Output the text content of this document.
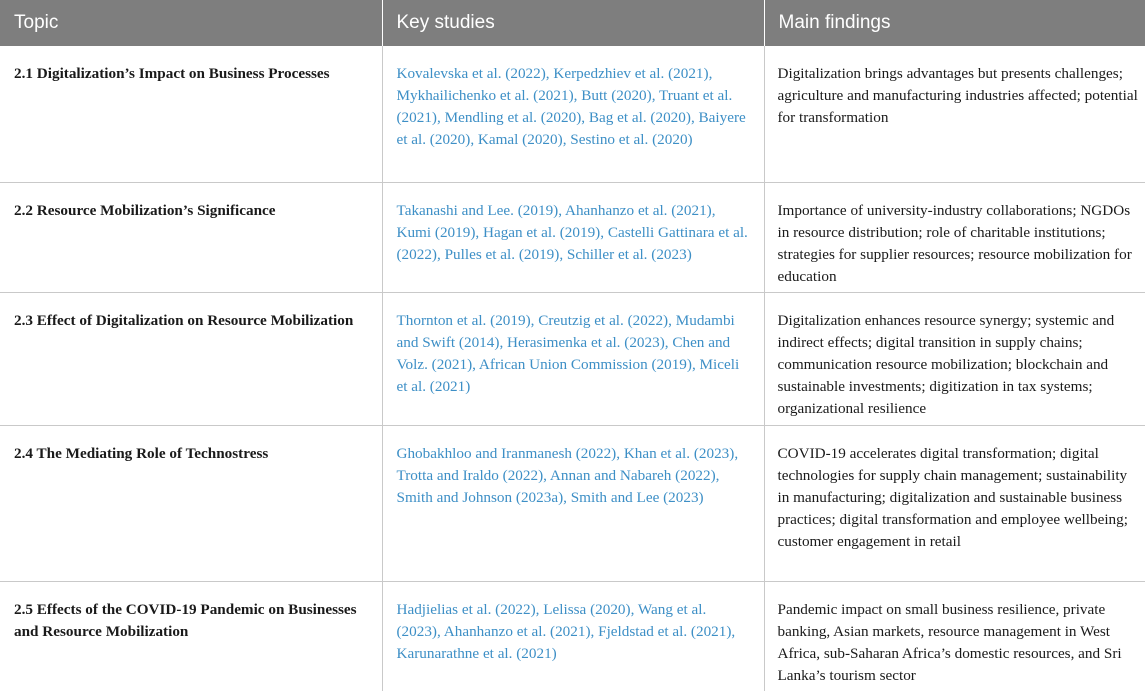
Topic	Key studies	Main findings
2.1 Digitalization’s Impact on Business Processes	Kovalevska et al. (2022), Kerpedzhiev et al. (2021), Mykhailichenko et al. (2021), Butt (2020), Truant et al. (2021), Mendling et al. (2020), Bag et al. (2020), Baiyere et al. (2020), Kamal (2020), Sestino et al. (2020)	Digitalization brings advantages but presents challenges; agriculture and manufacturing industries affected; potential for transformation
2.2 Resource Mobilization’s Significance	Takanashi and Lee. (2019), Ahanhanzo et al. (2021), Kumi (2019), Hagan et al. (2019), Castelli Gattinara et al. (2022), Pulles et al. (2019), Schiller et al. (2023)	Importance of university-industry collaborations; NGDOs in resource distribution; role of charitable institutions; strategies for supplier resources; resource mobilization for education
2.3 Effect of Digitalization on Resource Mobilization	Thornton et al. (2019), Creutzig et al. (2022), Mudambi and Swift (2014), Herasimenka et al. (2023), Chen and Volz. (2021), African Union Commission (2019), Miceli et al. (2021)	Digitalization enhances resource synergy; systemic and indirect effects; digital transition in supply chains; communication resource mobilization; blockchain and sustainable investments; digitization in tax systems; organizational resilience
2.4 The Mediating Role of Technostress	Ghobakhloo and Iranmanesh (2022), Khan et al. (2023), Trotta and Iraldo (2022), Annan and Nabareh (2022), Smith and Johnson (2023a), Smith and Lee (2023)	COVID-19 accelerates digital transformation; digital technologies for supply chain management; sustainability in manufacturing; digitalization and sustainable business practices; digital transformation and employee wellbeing; customer engagement in retail
2.5 Effects of the COVID-19 Pandemic on Businesses and Resource Mobilization	Hadjielias et al. (2022), Lelissa (2020), Wang et al. (2023), Ahanhanzo et al. (2021), Fjeldstad et al. (2021), Karunarathne et al. (2021)	Pandemic impact on small business resilience, private banking, Asian markets, resource management in West Africa, sub-Saharan Africa’s domestic resources, and Sri Lanka’s tourism sector
